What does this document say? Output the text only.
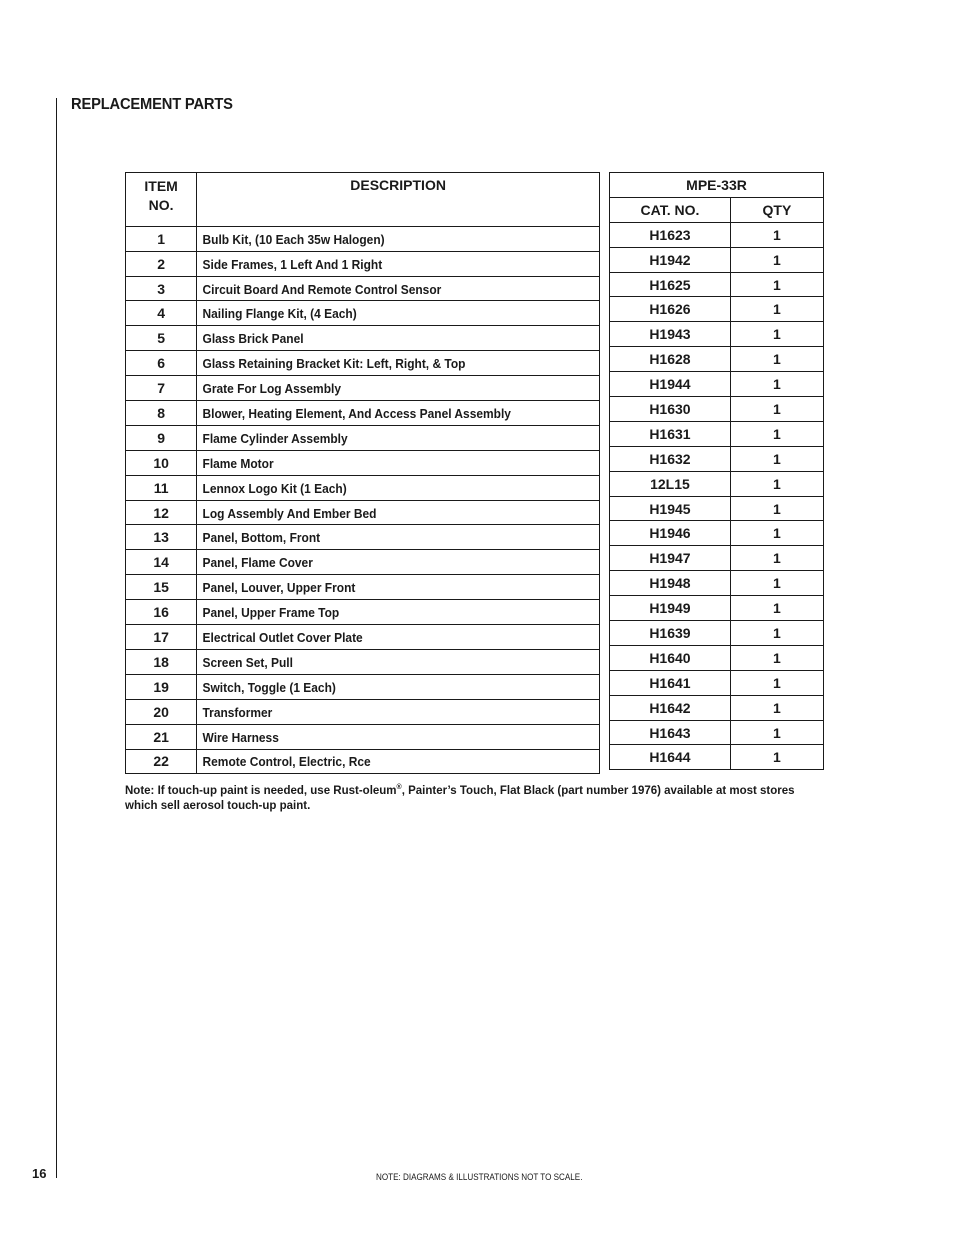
REPLACEMENT PARTS
ITEM
NO.	DESCRIPTION
1	Bulb Kit, (10 Each 35w Halogen)
2	Side Frames, 1 Left And 1 Right
3	Circuit Board And Remote Control Sensor
4	Nailing Flange Kit, (4 Each)
5	Glass Brick Panel
6	Glass Retaining Bracket Kit: Left, Right, & Top
7	Grate For Log Assembly
8	Blower, Heating Element, And Access Panel Assembly
9	Flame Cylinder Assembly
10	Flame Motor
11	Lennox Logo Kit (1 Each)
12	Log Assembly And Ember Bed
13	Panel, Bottom, Front
14	Panel, Flame Cover
15	Panel, Louver, Upper Front
16	Panel, Upper Frame Top
17	Electrical Outlet Cover Plate
18	Screen Set, Pull
19	Switch, Toggle (1 Each)
20	Transformer
21	Wire Harness
22	Remote Control, Electric, Rce
MPE-33R	
CAT. NO.	QTY
H1623	1
H1942	1
H1625	1
H1626	1
H1943	1
H1628	1
H1944	1
H1630	1
H1631	1
H1632	1
12L15	1
H1945	1
H1946	1
H1947	1
H1948	1
H1949	1
H1639	1
H1640	1
H1641	1
H1642	1
H1643	1
H1644	1
Note: If touch-up paint is needed, use Rust-oleum®, Painter’s Touch, Flat Black (part number 1976) available at most stores which sell aerosol touch-up paint.
16	NOTE: DIAGRAMS & ILLUSTRATIONS NOT TO SCALE.
